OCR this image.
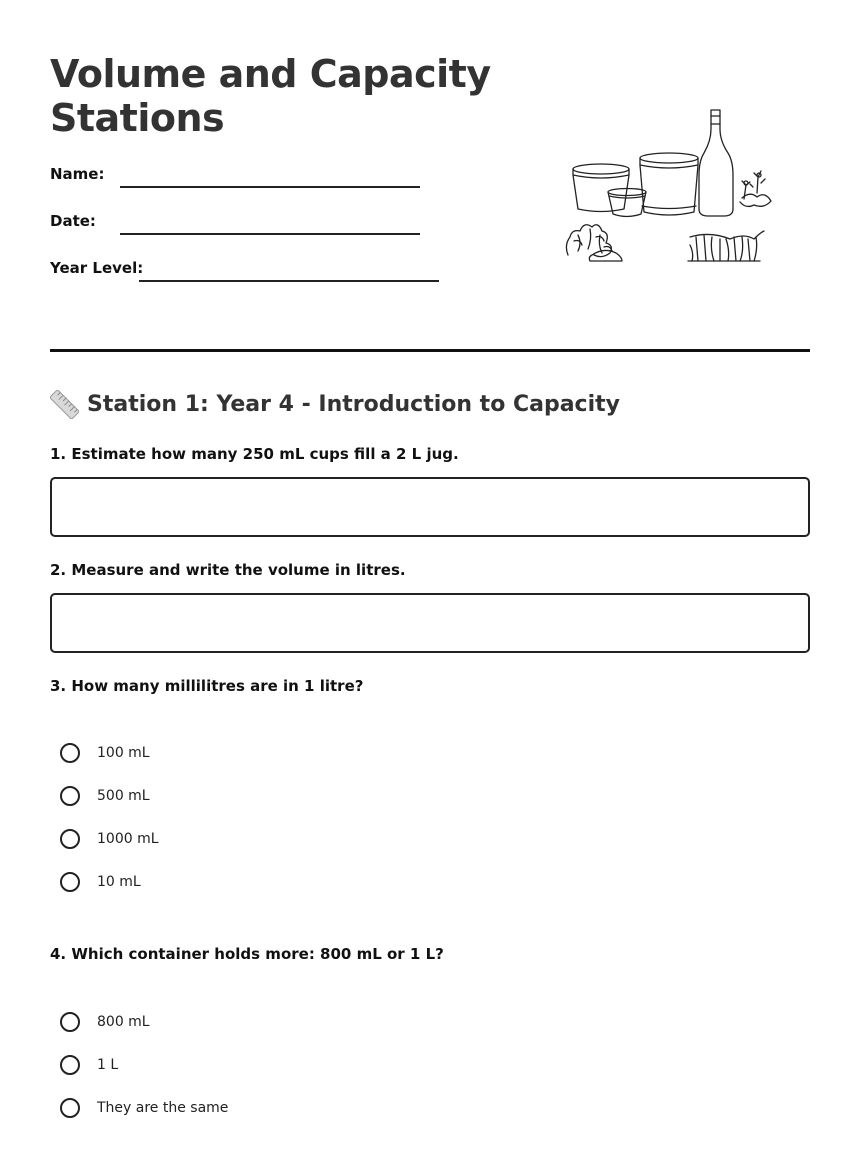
Volume and Capacity
Stations
Name:
Date:
Year Level:
Station 1: Year 4 - Introduction to Capacity
1. Estimate how many 250 mL cups fill a 2 L jug.
2. Measure and write the volume in litres.
3. How many millilitres are in 1 litre?
100 mL
500 mL
1000 mL
10 mL
4. Which container holds more: 800 mL or 1 L?
800 mL
1 L
They are the same
